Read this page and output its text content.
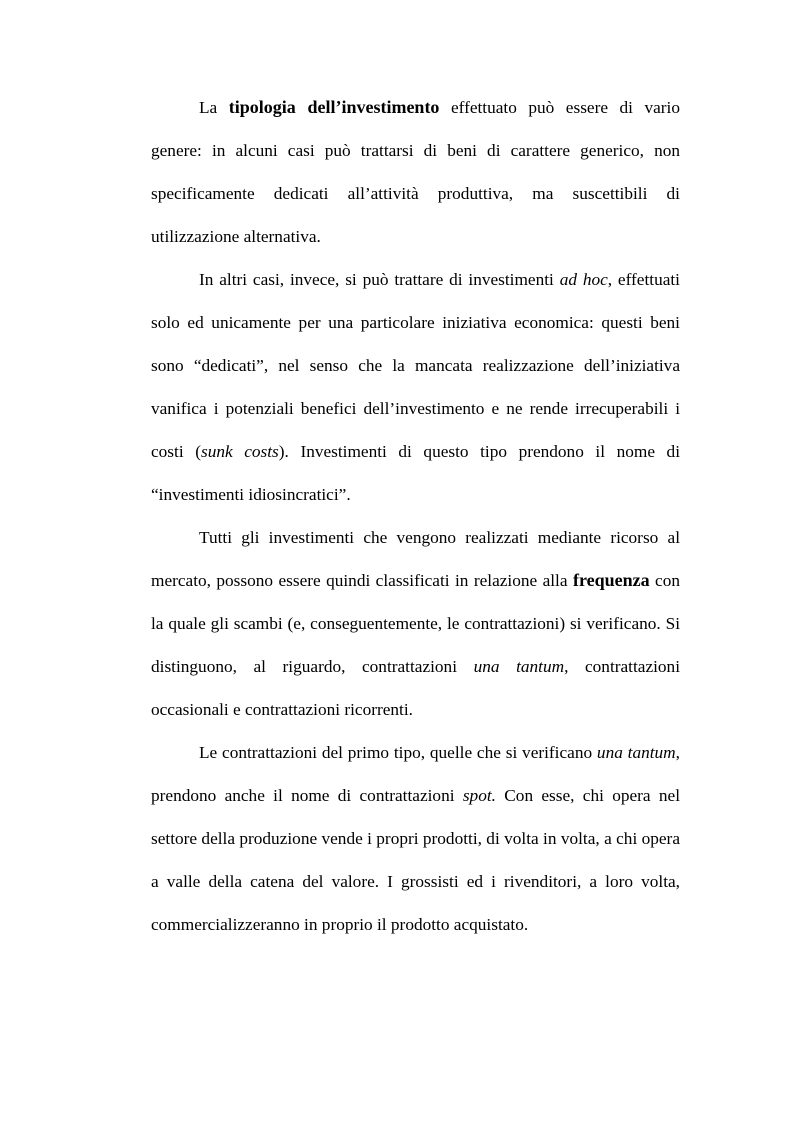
La tipologia dell’investimento effettuato può essere di vario genere: in alcuni casi può trattarsi di beni di carattere generico, non specificamente dedicati all’attività produttiva, ma suscettibili di utilizzazione alternativa.

In altri casi, invece, si può trattare di investimenti ad hoc, effettuati solo ed unicamente per una particolare iniziativa economica: questi beni sono “dedicati”, nel senso che la mancata realizzazione dell’iniziativa vanifica i potenziali benefici dell’investimento e ne rende irrecuperabili i costi (sunk costs). Investimenti di questo tipo prendono il nome di “investimenti idiosincratici”.

Tutti gli investimenti che vengono realizzati mediante ricorso al mercato, possono essere quindi classificati in relazione alla frequenza con la quale gli scambi (e, conseguentemente, le contrattazioni) si verificano. Si distinguono, al riguardo, contrattazioni una tantum, contrattazioni occasionali e contrattazioni ricorrenti.

Le contrattazioni del primo tipo, quelle che si verificano una tantum, prendono anche il nome di contrattazioni spot. Con esse, chi opera nel settore della produzione vende i propri prodotti, di volta in volta, a chi opera a valle della catena del valore. I grossisti ed i rivenditori, a loro volta, commercializzeranno in proprio il prodotto acquistato.
